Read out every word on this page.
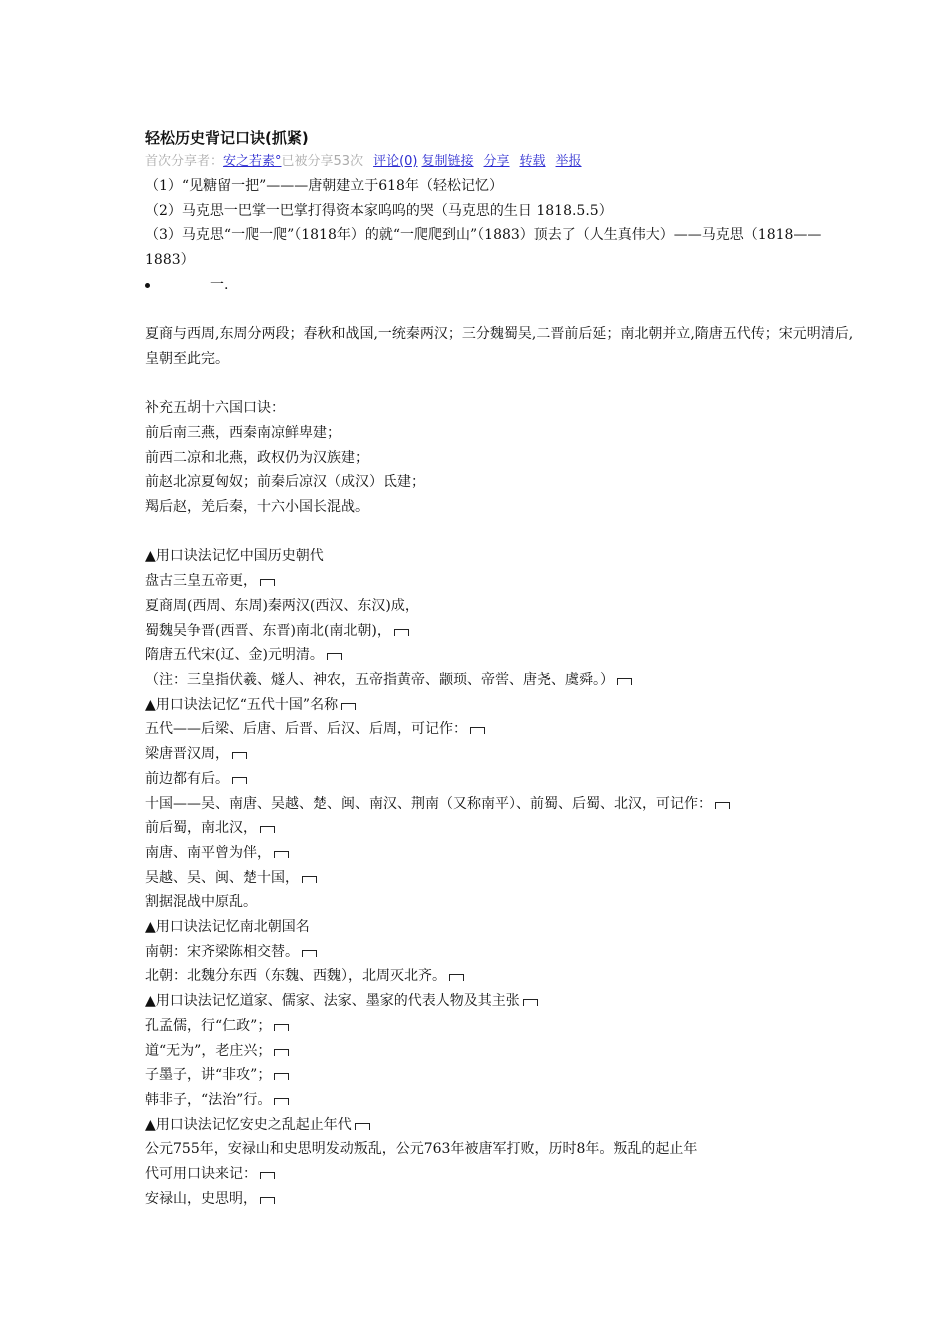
轻松历史背记口诀(抓紧)
首次分享者：安之若素°已被分享53次 评论(0) 复制链接 分享 转载 举报
（1）“见糖留一把”———唐朝建立于618年（轻松记忆）
（2）马克思一巴掌一巴掌打得资本家呜呜的哭（马克思的生日 1818.5.5）
（3）马克思“一爬一爬”（1818年）的就“一爬爬到山”（1883）顶去了（人生真伟大）——马克思（1818——1883）
一.
夏商与西周,东周分两段；春秋和战国,一统秦两汉；三分魏蜀吴,二晋前后延；南北朝并立,隋唐五代传；宋元明清后,皇朝至此完。
补充五胡十六国口诀：
前后南三燕，西秦南凉鲜卑建；
前西二凉和北燕，政权仍为汉族建；
前赵北凉夏匈奴；前秦后凉汉（成汉）氐建；
羯后赵，羌后秦，十六小国长混战。
▲用口诀法记忆中国历史朝代
盘古三皇五帝更，
夏商周(西周、东周)秦两汉(西汉、东汉)成，
蜀魏吴争晋(西晋、东晋)南北(南北朝)，
隋唐五代宋(辽、金)元明清。
（注：三皇指伏羲、燧人、神农，五帝指黄帝、颛顼、帝喾、唐尧、虞舜。）
▲用口诀法记忆“五代十国”名称
五代——后梁、后唐、后晋、后汉、后周，可记作：
梁唐晋汉周，
前边都有后。
十国——吴、南唐、吴越、楚、闽、南汉、荆南（又称南平）、前蜀、后蜀、北汉，可记作：
前后蜀，南北汉，
南唐、南平曾为伴，
吴越、吴、闽、楚十国，
割据混战中原乱。
▲用口诀法记忆南北朝国名
南朝：宋齐梁陈相交替。
北朝：北魏分东西（东魏、西魏），北周灭北齐。
▲用口诀法记忆道家、儒家、法家、墨家的代表人物及其主张
孔孟儒，行“仁政”；
道“无为”，老庄兴；
子墨子，讲“非攻”；
韩非子，“法治”行。
▲用口诀法记忆安史之乱起止年代
公元755年，安禄山和史思明发动叛乱，公元763年被唐军打败，历时8年。叛乱的起止年
代可用口诀来记：
安禄山，史思明，
